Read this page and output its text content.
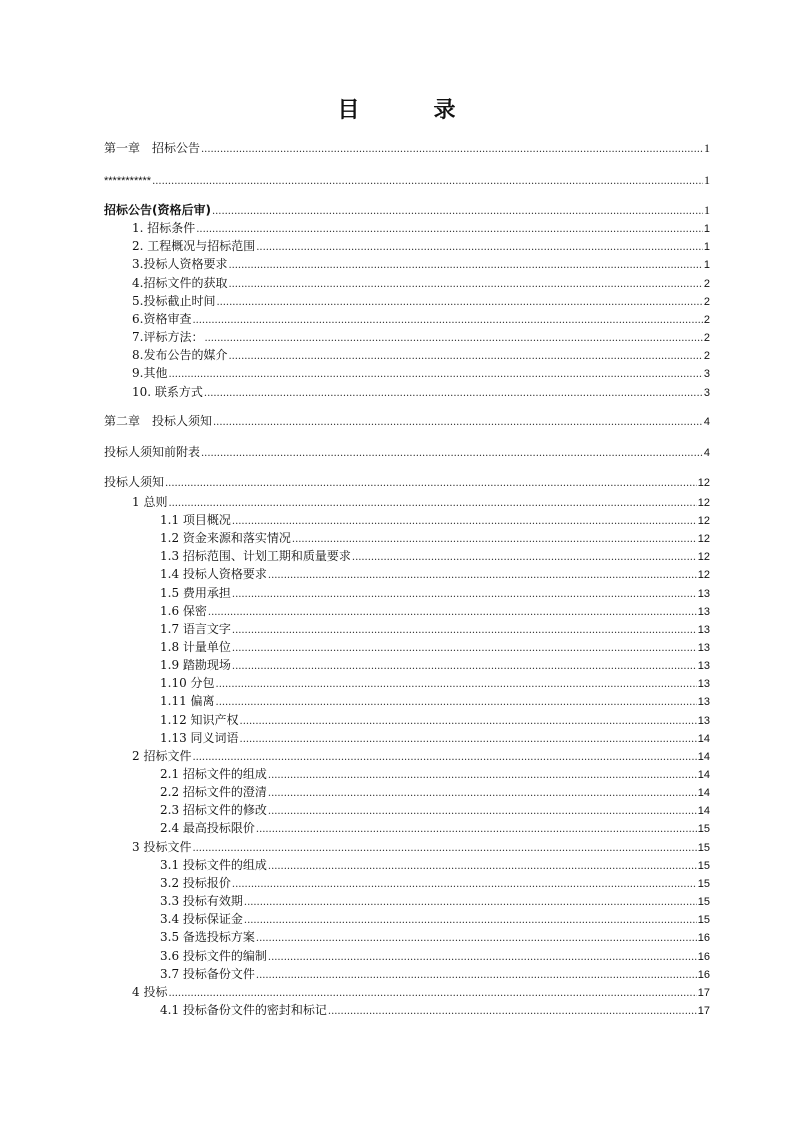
目　录
第一章　招标公告 . . .	1
*********** . . .	1
招标公告(资格后审) . . .	1
1. 招标条件 . . .	1
2. 工程概况与招标范围 . . .	1
3.投标人资格要求 . . .	1
4.招标文件的获取 . . .	2
5.投标截止时间 . . .	2
6.资格审查 . . .	2
7.评标方法： . . .	2
8.发布公告的媒介 . . .	2
9.其他 . . .	3
10. 联系方式 . . .	3
第二章　投标人须知 . . .	4
投标人须知前附表 . . .	4
投标人须知 . . .	12
1 总则 . . .	12
1.1 项目概况 . . .	12
1.2 资金来源和落实情况 . . .	12
1.3 招标范围、计划工期和质量要求 . . .	12
1.4 投标人资格要求 . . .	12
1.5 费用承担 . . .	13
1.6 保密 . . .	13
1.7 语言文字 . . .	13
1.8 计量单位 . . .	13
1.9 踏勘现场 . . .	13
1.10 分包 . . .	13
1.11 偏离 . . .	13
1.12 知识产权 . . .	13
1.13 同义词语 . . .	14
2 招标文件 . . .	14
2.1 招标文件的组成 . . .	14
2.2 招标文件的澄清 . . .	14
2.3 招标文件的修改 . . .	14
2.4 最高投标限价 . . .	15
3 投标文件 . . .	15
3.1 投标文件的组成 . . .	15
3.2 投标报价 . . .	15
3.3 投标有效期 . . .	15
3.4 投标保证金 . . .	15
3.5 备选投标方案 . . .	16
3.6 投标文件的编制 . . .	16
3.7 投标备份文件 . . .	16
4 投标 . . .	17
4.1 投标备份文件的密封和标记 . . .	17
